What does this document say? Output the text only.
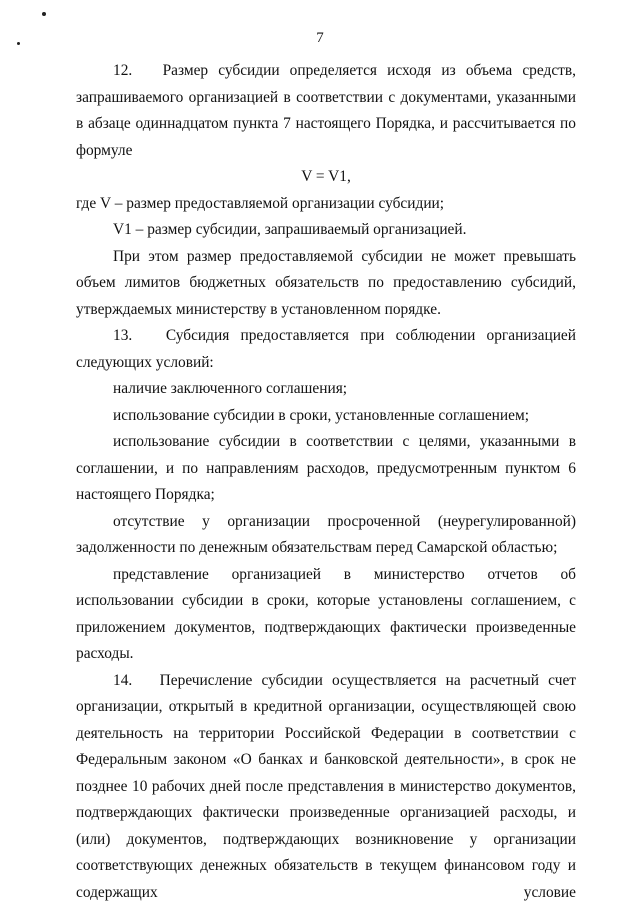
7

12.   Размер субсидии определяется исходя из объема средств, запрашиваемого организацией в соответствии с документами, указанными в абзаце одиннадцатом пункта 7 настоящего Порядка, и рассчитывается по формуле

V = V1,

где V – размер предоставляемой организации субсидии;

V1 – размер субсидии, запрашиваемый организацией.

При этом размер предоставляемой субсидии не может превышать объем лимитов бюджетных обязательств по предоставлению субсидий, утверждаемых министерству в установленном порядке.

13.   Субсидия предоставляется при соблюдении организацией следующих условий:

наличие заключенного соглашения;

использование субсидии в сроки, установленные соглашением;

использование субсидии в соответствии с целями, указанными в соглашении, и по направлениям расходов, предусмотренным пунктом 6 настоящего Порядка;

отсутствие у организации просроченной (неурегулированной) задолженности по денежным обязательствам перед Самарской областью;

представление организацией в министерство отчетов об использовании субсидии в сроки, которые установлены соглашением, с приложением документов, подтверждающих фактически произведенные расходы.

14.   Перечисление субсидии осуществляется на расчетный счет организации, открытый в кредитной организации, осуществляющей свою деятельность на территории Российской Федерации в соответствии с Федеральным законом «О банках и банковской деятельности», в срок не позднее 10 рабочих дней после представления в министерство документов, подтверждающих фактически произведенные организацией расходы, и (или) документов, подтверждающих возникновение у организации соответствующих денежных обязательств в текущем финансовом году и содержащих условие
